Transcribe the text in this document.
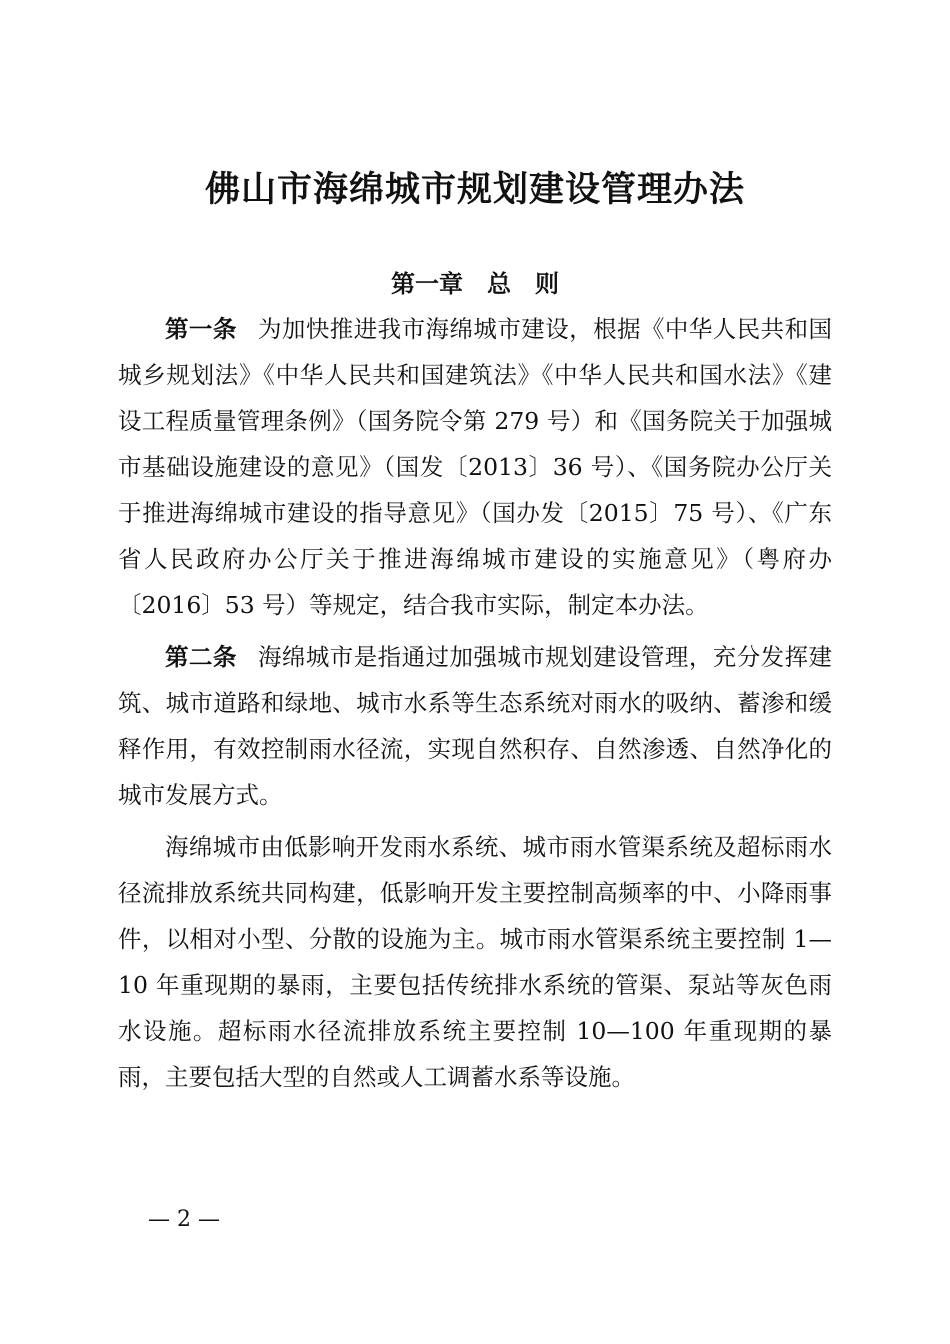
佛山市海绵城市规划建设管理办法
第一章 总 则

第一条 为加快推进我市海绵城市建设，根据《中华人民共和国城乡规划法》《中华人民共和国建筑法》《中华人民共和国水法》《建设工程质量管理条例》（国务院令第 279 号）和《国务院关于加强城市基础设施建设的意见》（国发〔2013〕36 号）、《国务院办公厅关于推进海绵城市建设的指导意见》（国办发〔2015〕75 号）、《广东省人民政府办公厅关于推进海绵城市建设的实施意见》（粤府办〔2016〕53 号）等规定，结合我市实际，制定本办法。

第二条 海绵城市是指通过加强城市规划建设管理，充分发挥建筑、城市道路和绿地、城市水系等生态系统对雨水的吸纳、蓄渗和缓释作用，有效控制雨水径流，实现自然积存、自然渗透、自然净化的城市发展方式。

海绵城市由低影响开发雨水系统、城市雨水管渠系统及超标雨水径流排放系统共同构建，低影响开发主要控制高频率的中、小降雨事件，以相对小型、分散的设施为主。城市雨水管渠系统主要控制 1—10 年重现期的暴雨，主要包括传统排水系统的管渠、泵站等灰色雨水设施。超标雨水径流排放系统主要控制 10—100 年重现期的暴雨，主要包括大型的自然或人工调蓄水系等设施。

— 2 —
